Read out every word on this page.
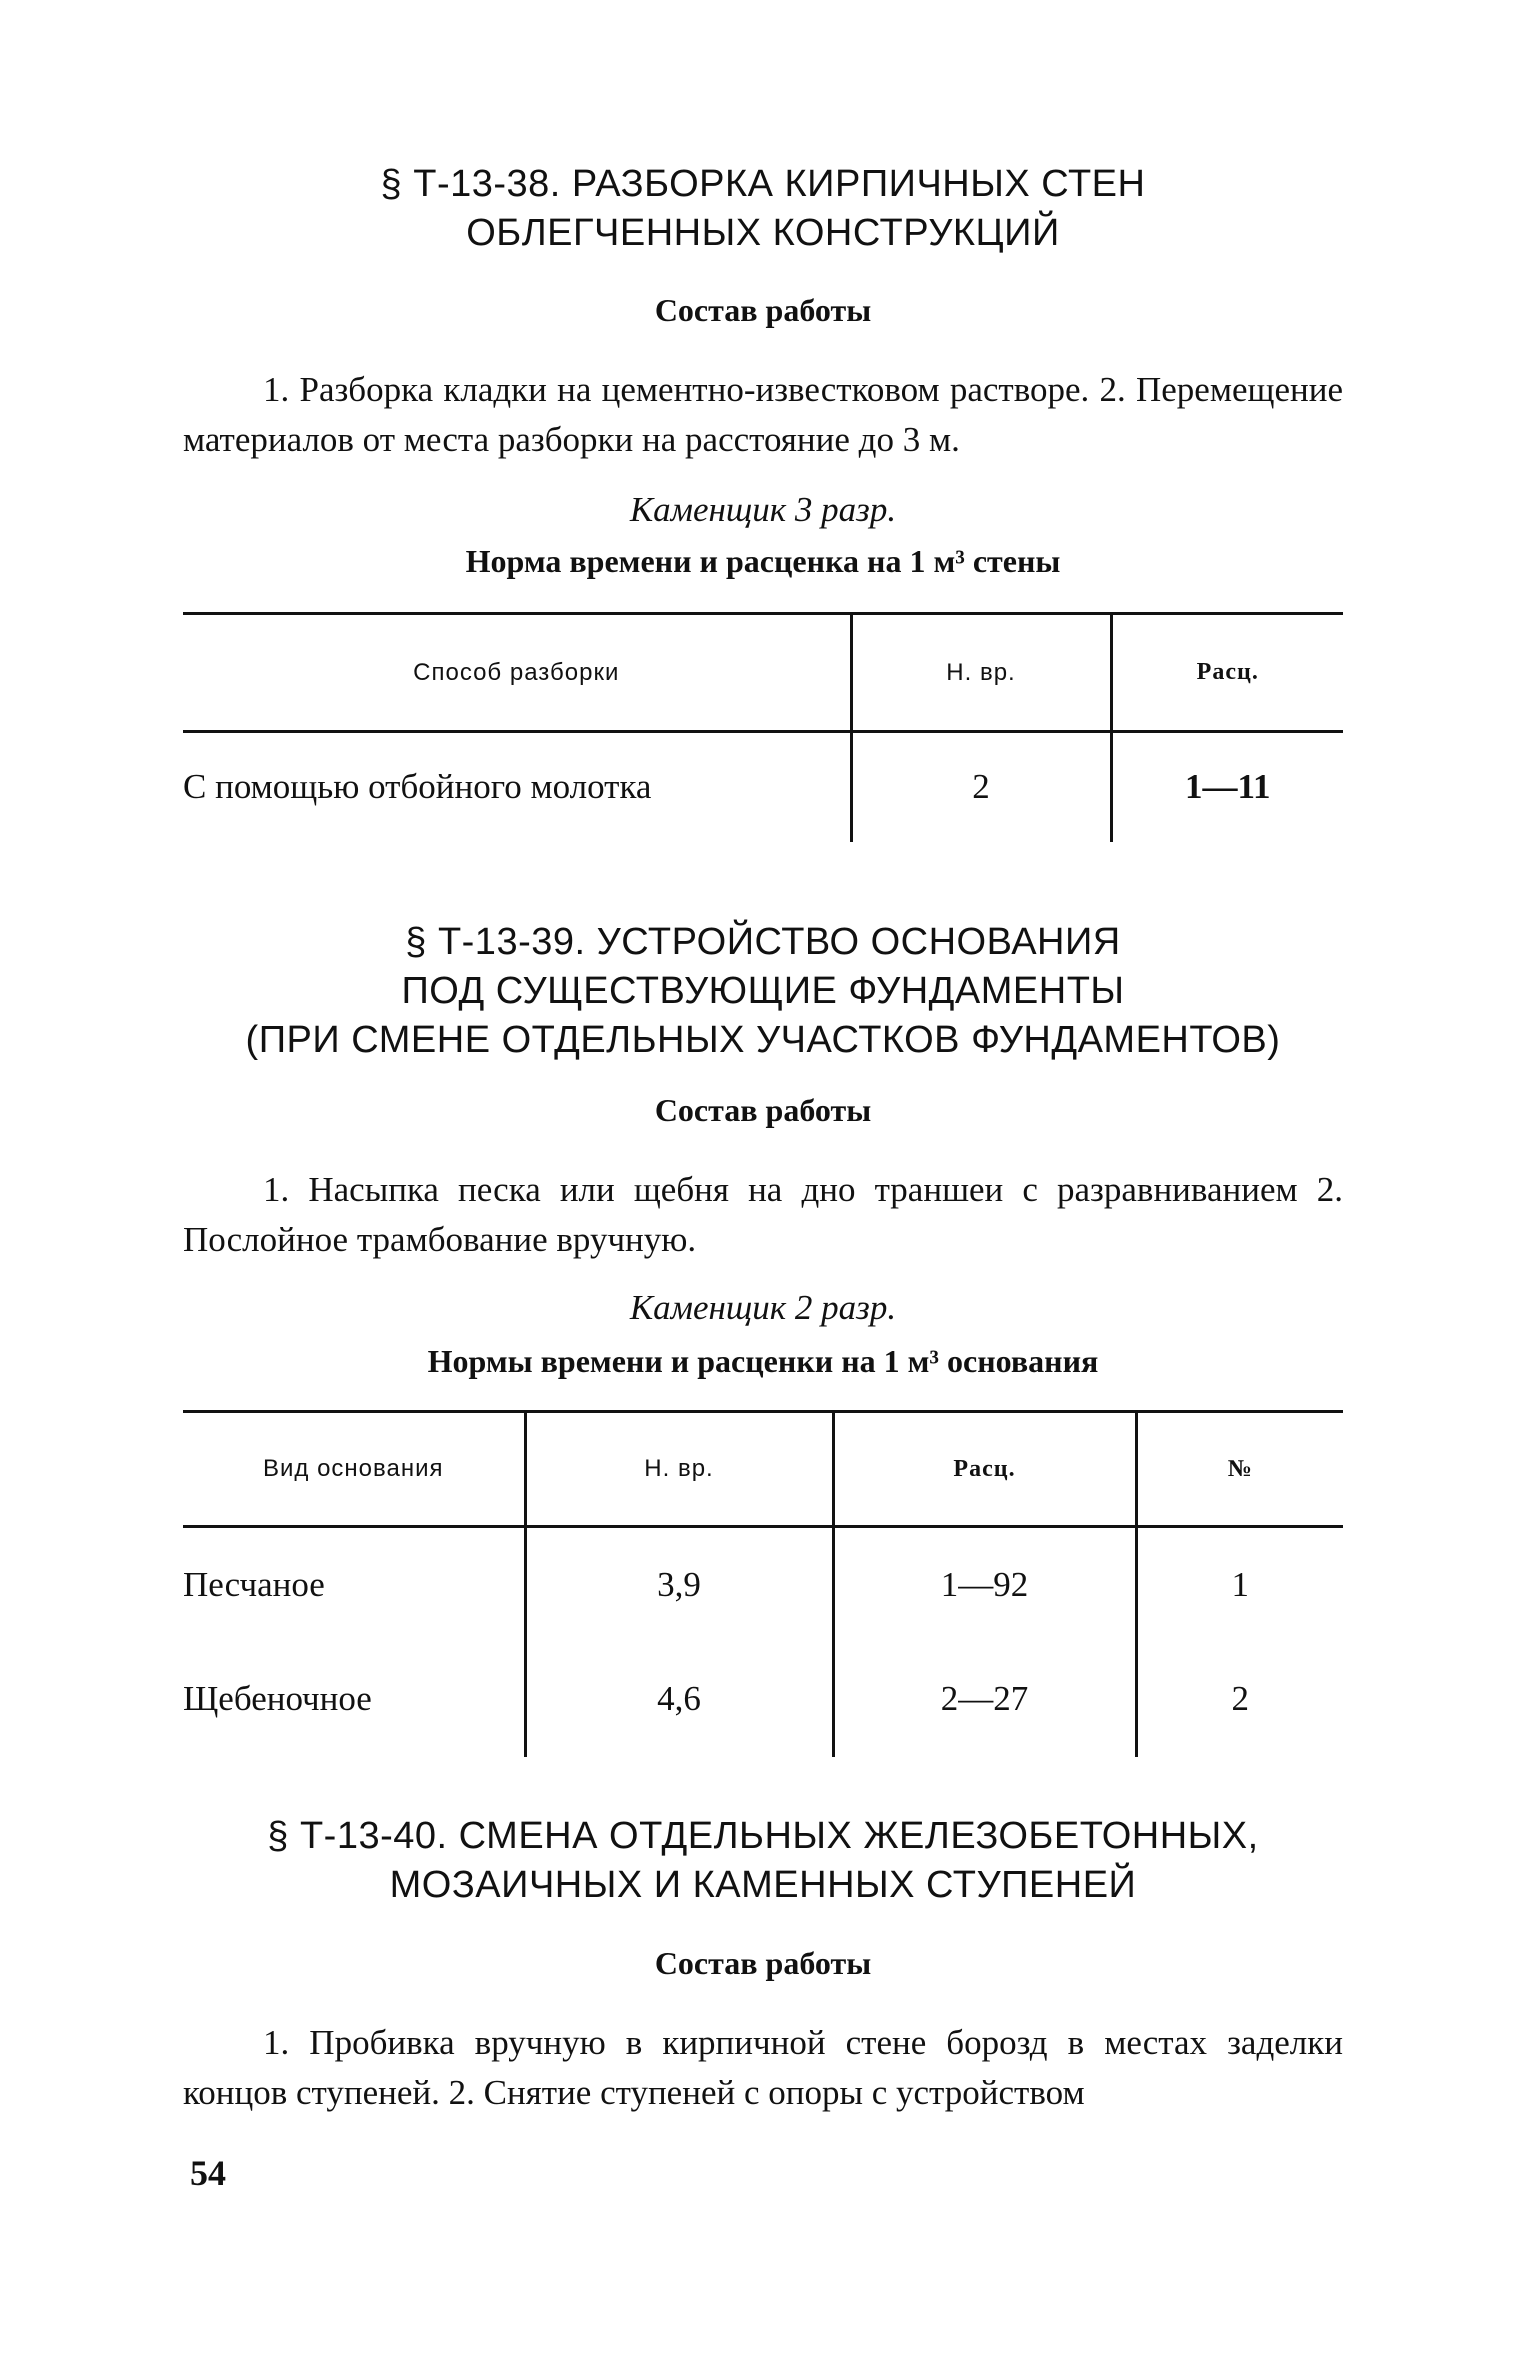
§ Т-13-38. РАЗБОРКА КИРПИЧНЫХ СТЕН

ОБЛЕГЧЕННЫХ КОНСТРУКЦИЙ

Состав работы

1. Разборка кладки на цементно-известковом растворе. 2. Перемещение материалов от места разборки на расстояние до 3 м.

Каменщик 3 разр.

Норма времени и расценка на 1 м³ стены

Способ разборки	Н. вр.	Расц.
С помощью отбойного молотка	2	1—11

§ Т-13-39. УСТРОЙСТВО ОСНОВАНИЯ

ПОД СУЩЕСТВУЮЩИЕ ФУНДАМЕНТЫ

(ПРИ СМЕНЕ ОТДЕЛЬНЫХ УЧАСТКОВ ФУНДАМЕНТОВ)

Состав работы

1. Насыпка песка или щебня на дно траншеи с разравниванием 2. Послойное трамбование вручную.

Каменщик 2 разр.

Нормы времени и расценки на 1 м³ основания

Вид основания	Н. вр.	Расц.	№
Песчаное	3,9	1—92	1
Щебеночное	4,6	2—27	2

§ Т-13-40. СМЕНА ОТДЕЛЬНЫХ ЖЕЛЕЗОБЕТОННЫХ,

МОЗАИЧНЫХ И КАМЕННЫХ СТУПЕНЕЙ

Состав работы

1. Пробивка вручную в кирпичной стене борозд в местах заделки концов ступеней. 2. Снятие ступеней с опоры с устройством

54
